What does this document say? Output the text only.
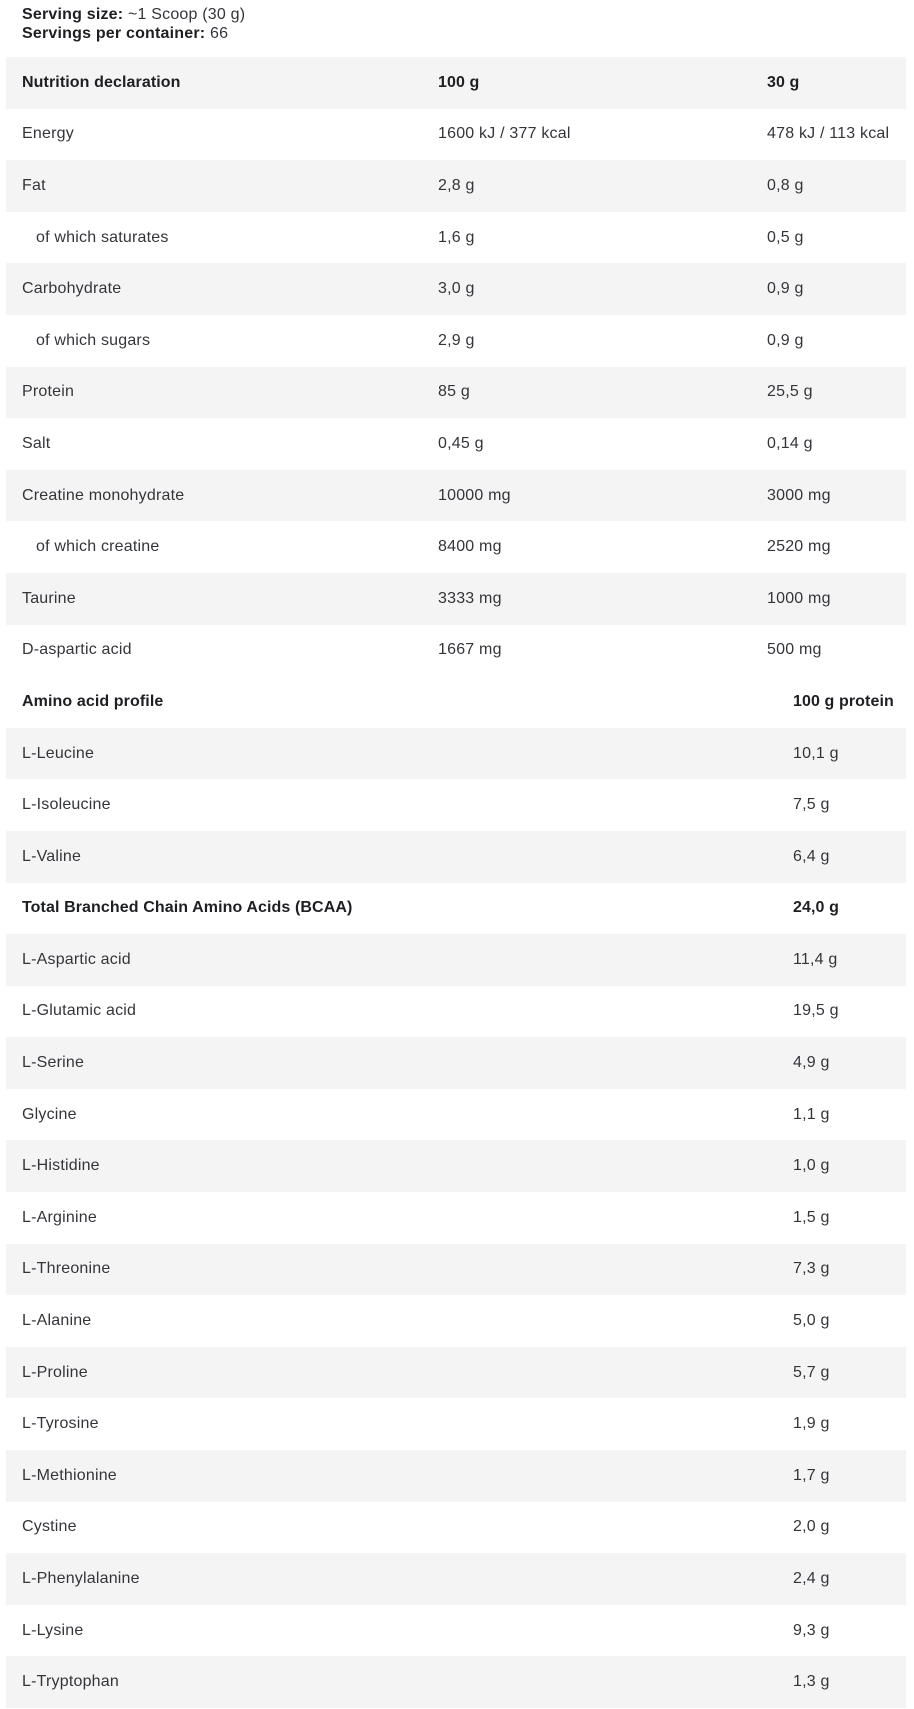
Serving size: ~1 Scoop (30 g)

Servings per container: 66

Nutrition declaration	100 g	30 g
Energy	1600 kJ / 377 kcal	478 kJ / 113 kcal
Fat	2,8 g	0,8 g
of which saturates	1,6 g	0,5 g
Carbohydrate	3,0 g	0,9 g
of which sugars	2,9 g	0,9 g
Protein	85 g	25,5 g
Salt	0,45 g	0,14 g
Creatine monohydrate	10000 mg	3000 mg
of which creatine	8400 mg	2520 mg
Taurine	3333 mg	1000 mg
D-aspartic acid	1667 mg	500 mg
Amino acid profile	100 g protein
L-Leucine	10,1 g
L-Isoleucine	7,5 g
L-Valine	6,4 g
Total Branched Chain Amino Acids (BCAA)	24,0 g
L-Aspartic acid	11,4 g
L-Glutamic acid	19,5 g
L-Serine	4,9 g
Glycine	1,1 g
L-Histidine	1,0 g
L-Arginine	1,5 g
L-Threonine	7,3 g
L-Alanine	5,0 g
L-Proline	5,7 g
L-Tyrosine	1,9 g
L-Methionine	1,7 g
Cystine	2,0 g
L-Phenylalanine	2,4 g
L-Lysine	9,3 g
L-Tryptophan	1,3 g
